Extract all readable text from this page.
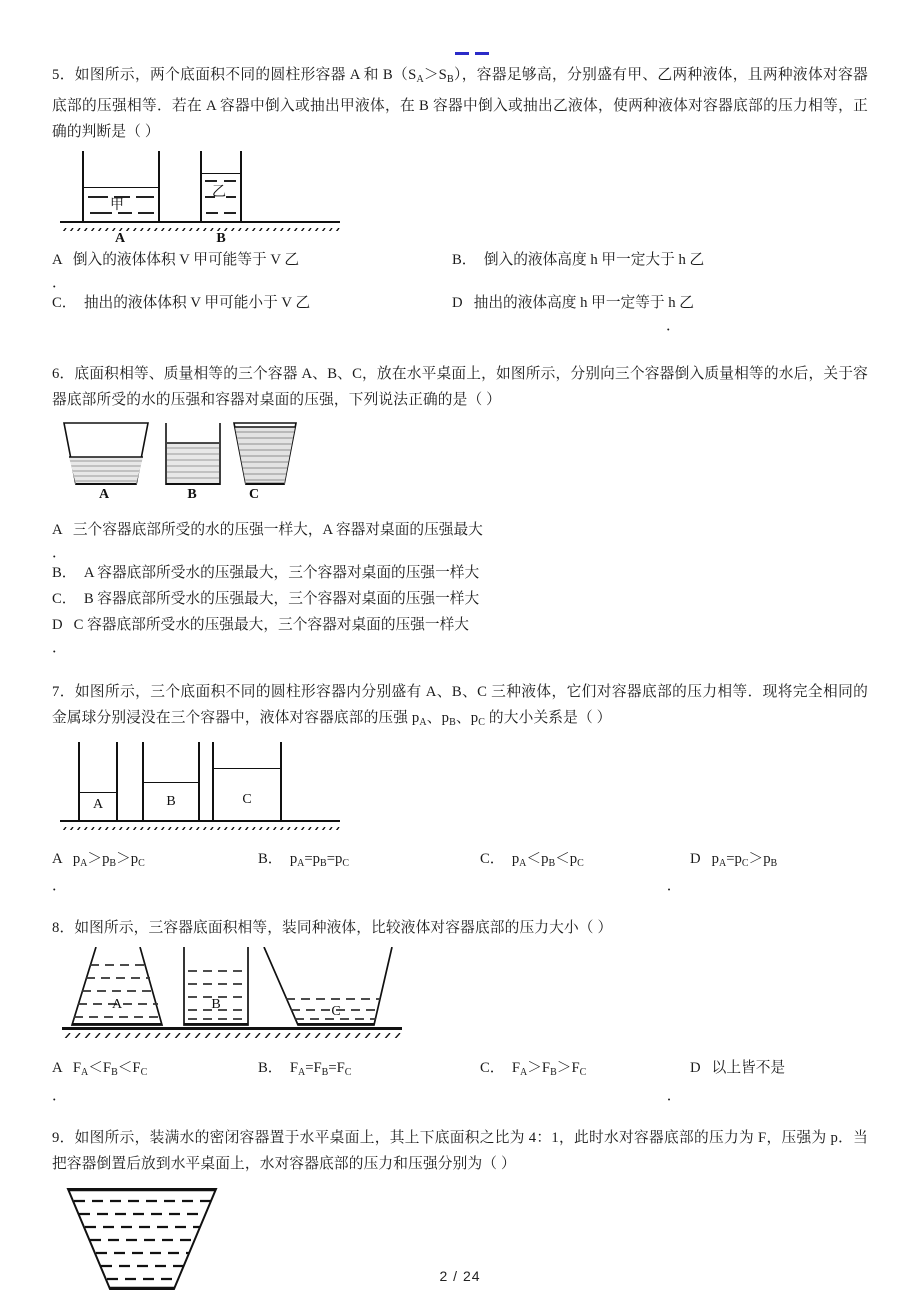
5．如图所示，两个底面积不同的圆柱形容器 A 和 $B(S_A>S_B)$，容器足够高，分别盛有甲、乙两种液体，且两种液体对容器底部的压强相等．若在 A 容器中倒入或抽出甲液体，在 B 容器中倒入或抽出乙液体，使两种液体对容器底部的压力相等，正确的判断是（ ）
甲
乙
A	B
A 倒入的液体体积 V 甲可能等于 V 乙	B． 倒入的液体高度 h 甲一定大于 h 乙
．
C． 抽出的液体体积 V 甲可能小于 V 乙	D 抽出的液体高度 h 甲一定等于 h 乙
．
6．底面积相等、质量相等的三个容器 A、B、C，放在水平桌面上，如图所示，分别向三个容器倒入质量相等的水后，关于容器底部所受的水的压强和容器对桌面的压强，下列说法正确的是（ ）
A	B	C
A 三个容器底部所受的水的压强一样大，A 容器对桌面的压强最大
．
B． A 容器底部所受水的压强最大，三个容器对桌面的压强一样大
C． B 容器底部所受水的压强最大，三个容器对桌面的压强一样大
D C 容器底部所受水的压强最大，三个容器对桌面的压强一样大
．
7．如图所示，三个底面积不同的圆柱形容器内分别盛有 A、B、C 三种液体，它们对容器底部的压力相等．现将完全相同的金属球分别浸没在三个容器中，液体对容器底部的压强 $p_A$、$p_B$、$p_C$ 的大小关系是（ ）
A	B	C
A $p_A>p_B>p_C$	B． $p_A=p_B=p_C$	C． $p_A<p_B<p_C$	D $p_A=p_C>p_B$
．	．
8．如图所示，三容器底面积相等，装同种液体，比较液体对容器底部的压力大小（ ）
A	B	C
A $F_A<F_B<F_C$	B． $F_A=F_B=F_C$	C． $F_A>F_B>F_C$	D 以上皆不是
．	．
9．如图所示，装满水的密闭容器置于水平桌面上，其上下底面积之比为 4：1，此时水对容器底部的压力为 F，压强为 p．当把容器倒置后放到水平桌面上，水对容器底部的压力和压强分别为（ ）
2 / 24
